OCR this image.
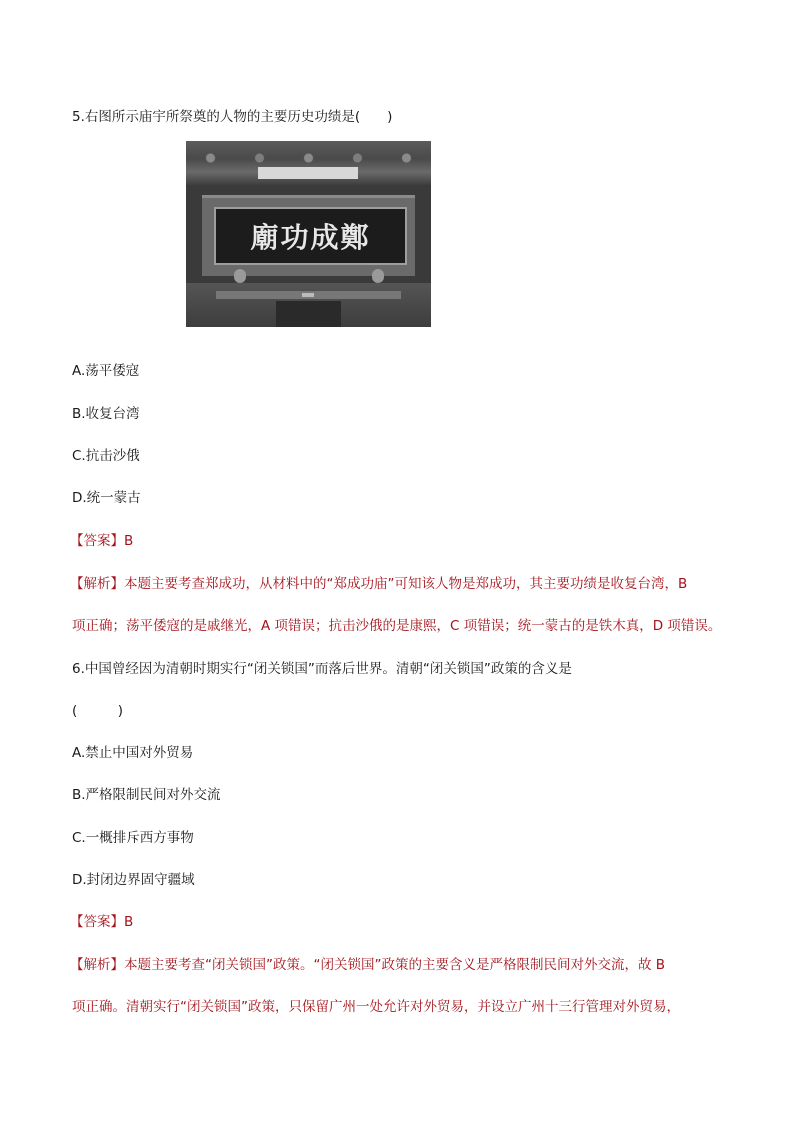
5.右图所示庙宇所祭奠的人物的主要历史功绩是(　　)
廟功成鄭
A.荡平倭寇
B.收复台湾
C.抗击沙俄
D.统一蒙古
【答案】B
【解析】本题主要考查郑成功，从材料中的“郑成功庙”可知该人物是郑成功，其主要功绩是收复台湾，B
项正确；荡平倭寇的是戚继光，A 项错误；抗击沙俄的是康熙，C 项错误；统一蒙古的是铁木真，D 项错误。
6.中国曾经因为清朝时期实行“闭关锁国”而落后世界。清朝“闭关锁国”政策的含义是
(　　　)
A.禁止中国对外贸易
B.严格限制民间对外交流
C.一概排斥西方事物
D.封闭边界固守疆域
【答案】B
【解析】本题主要考查“闭关锁国”政策。“闭关锁国”政策的主要含义是严格限制民间对外交流，故 B
项正确。清朝实行“闭关锁国”政策，只保留广州一处允许对外贸易，并设立广州十三行管理对外贸易，
